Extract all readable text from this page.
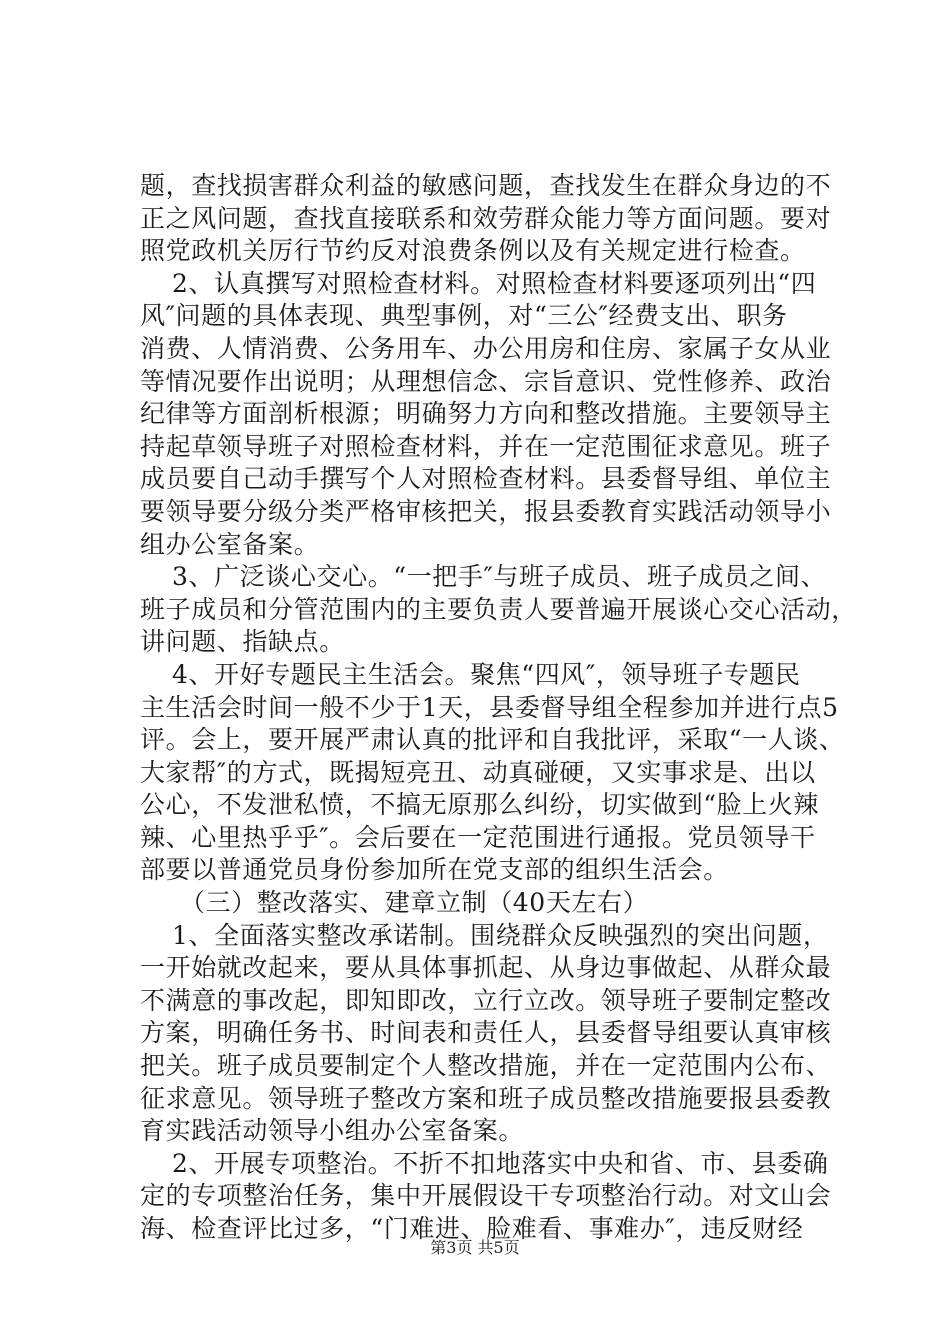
题，查找损害群众利益的敏感问题，查找发生在群众身边的不
正之风问题，查找直接联系和效劳群众能力等方面问题。要对
照党政机关厉行节约反对浪费条例以及有关规定进行检查。
2、认真撰写对照检查材料。对照检查材料要逐项列出“四
风″问题的具体表现、典型事例，对“三公″经费支出、职务
消费、人情消费、公务用车、办公用房和住房、家属子女从业
等情况要作出说明；从理想信念、宗旨意识、党性修养、政治
纪律等方面剖析根源；明确努力方向和整改措施。主要领导主
持起草领导班子对照检查材料，并在一定范围征求意见。班子
成员要自己动手撰写个人对照检查材料。县委督导组、单位主
要领导要分级分类严格审核把关，报县委教育实践活动领导小
组办公室备案。
3、广泛谈心交心。“一把手″与班子成员、班子成员之间、
班子成员和分管范围内的主要负责人要普遍开展谈心交心活动，
讲问题、指缺点。
4、开好专题民主生活会。聚焦“四风″，领导班子专题民
主生活会时间一般不少于1天，县委督导组全程参加并进行点5
评。会上，要开展严肃认真的批评和自我批评，采取“一人谈、
大家帮″的方式，既揭短亮丑、动真碰硬，又实事求是、出以
公心，不发泄私愤，不搞无原那么纠纷，切实做到“脸上火辣
辣、心里热乎乎″。会后要在一定范围进行通报。党员领导干
部要以普通党员身份参加所在党支部的组织生活会。
（三）整改落实、建章立制（40天左右）
1、全面落实整改承诺制。围绕群众反映强烈的突出问题，
一开始就改起来，要从具体事抓起、从身边事做起、从群众最
不满意的事改起，即知即改，立行立改。领导班子要制定整改
方案，明确任务书、时间表和责任人，县委督导组要认真审核
把关。班子成员要制定个人整改措施，并在一定范围内公布、
征求意见。领导班子整改方案和班子成员整改措施要报县委教
育实践活动领导小组办公室备案。
2、开展专项整治。不折不扣地落实中央和省、市、县委确
定的专项整治任务，集中开展假设干专项整治行动。对文山会
海、检查评比过多，“门难进、脸难看、事难办″，违反财经
第3页 共5页
